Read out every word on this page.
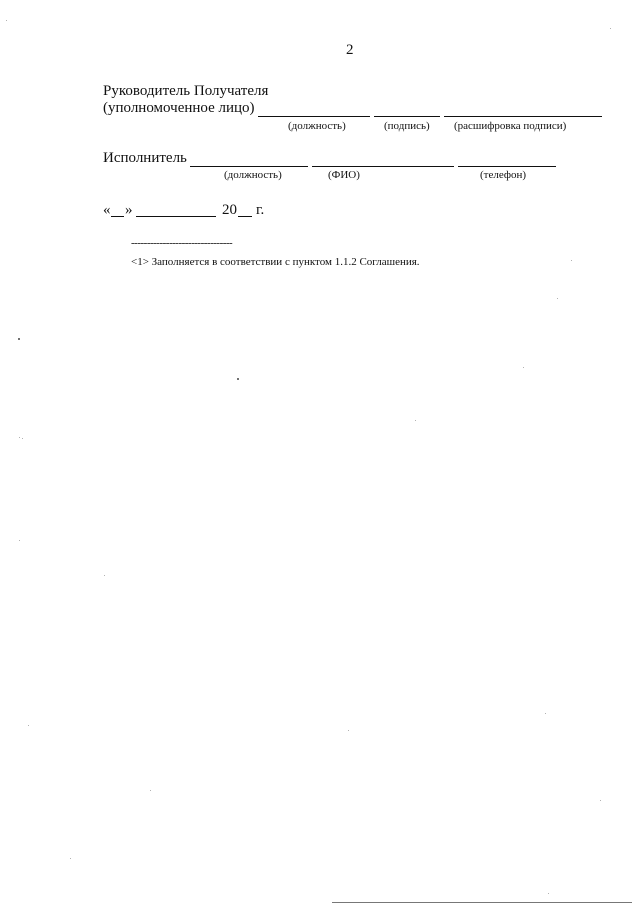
2
Руководитель Получателя
(уполномоченное лицо)
(должность)	(подпись) (расшифровка подписи)
Исполнитель
(должность)	(ФИО)	(телефон)
« »	20 г.
--------------------------------
<1> Заполняется в соответствии с пунктом 1.1.2 Соглашения.
